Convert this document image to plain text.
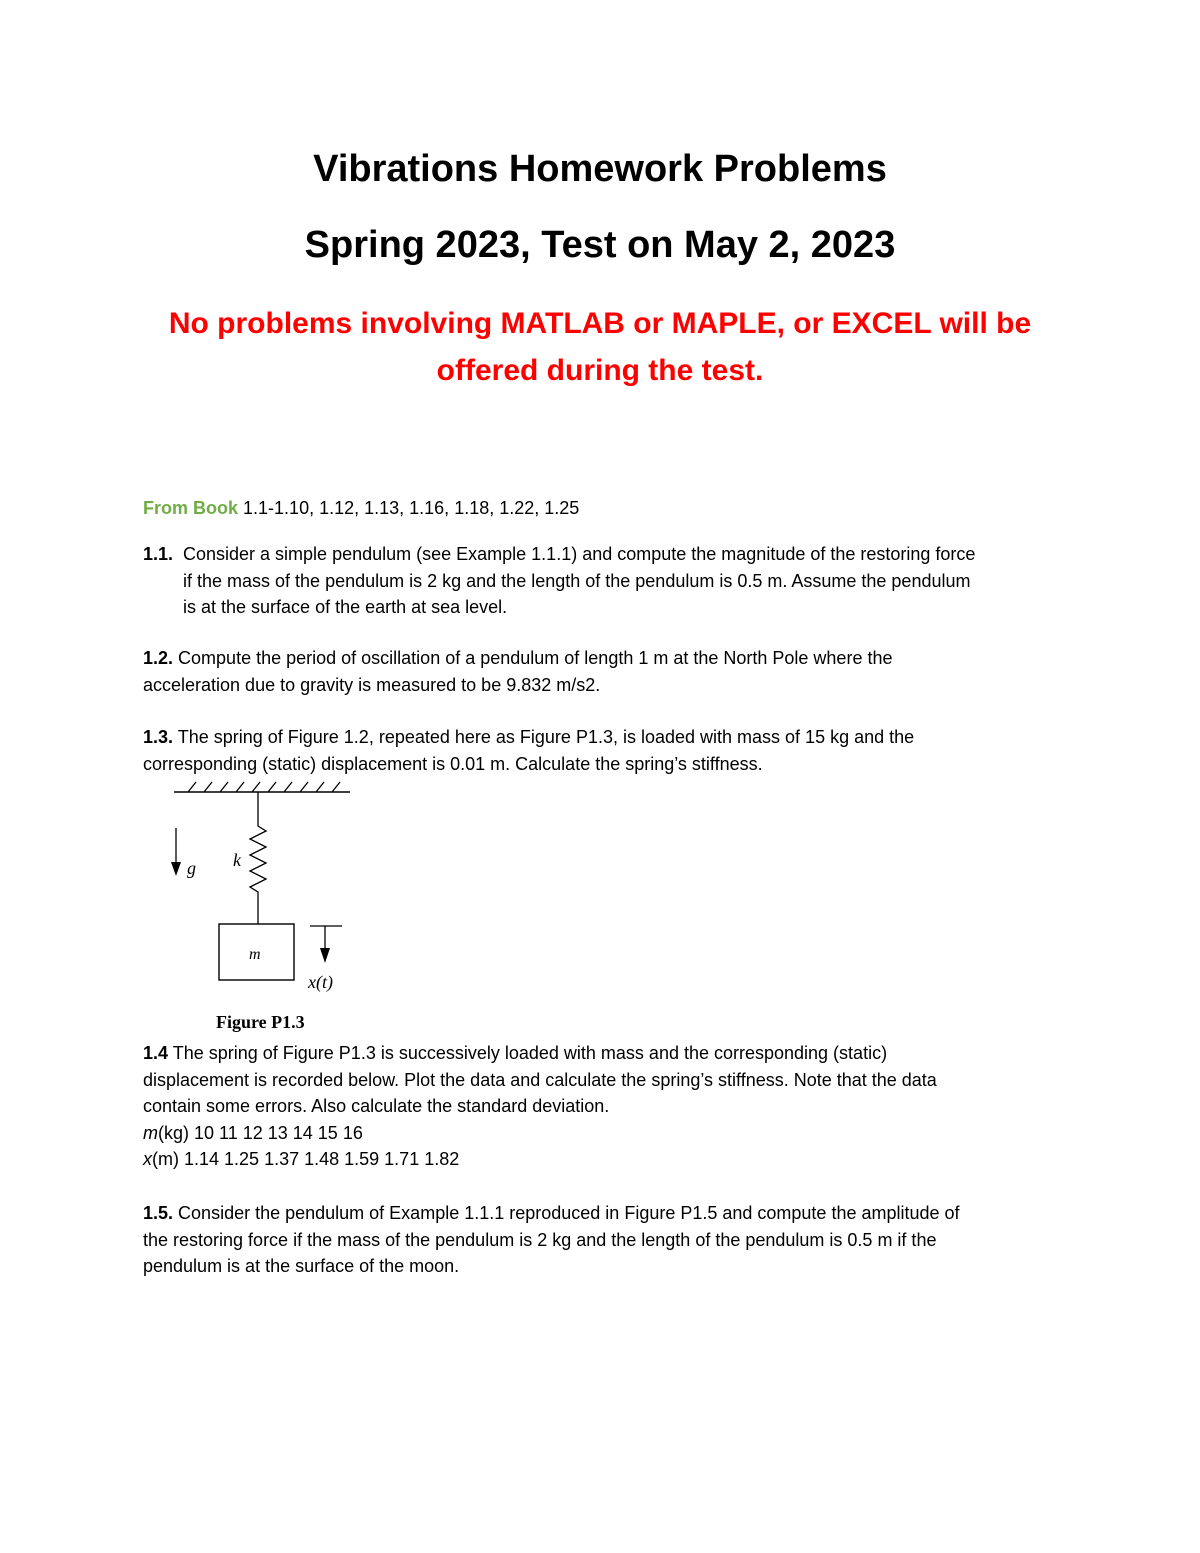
Vibrations Homework Problems
Spring 2023, Test on May 2, 2023
No problems involving MATLAB or MAPLE, or EXCEL will be
offered during the test.
From Book 1.1-1.10, 1.12, 1.13, 1.16, 1.18, 1.22, 1.25
1.1. Consider a simple pendulum (see Example 1.1.1) and compute the magnitude of the restoring force
if the mass of the pendulum is 2 kg and the length of the pendulum is 0.5 m. Assume the pendulum
is at the surface of the earth at sea level.
1.2. Compute the period of oscillation of a pendulum of length 1 m at the North Pole where the
acceleration due to gravity is measured to be 9.832 m/s2.
1.3. The spring of Figure 1.2, repeated here as Figure P1.3, is loaded with mass of 15 kg and the
corresponding (static) displacement is 0.01 m. Calculate the spring’s stiffness.
g k
m
x(t)
Figure P1.3
1.4 The spring of Figure P1.3 is successively loaded with mass and the corresponding (static)
displacement is recorded below. Plot the data and calculate the spring’s stiffness. Note that the data
contain some errors. Also calculate the standard deviation.
m(kg) 10 11 12 13 14 15 16
x(m) 1.14 1.25 1.37 1.48 1.59 1.71 1.82
1.5. Consider the pendulum of Example 1.1.1 reproduced in Figure P1.5 and compute the amplitude of
the restoring force if the mass of the pendulum is 2 kg and the length of the pendulum is 0.5 m if the
pendulum is at the surface of the moon.
